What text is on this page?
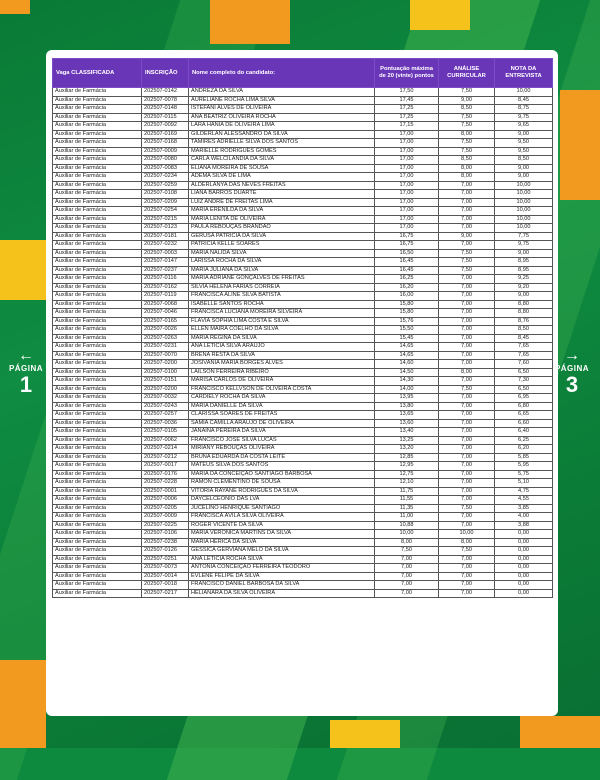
Vaga CLASSIFICADA	INSCRIÇÃO	Nome completo do candidato:	Pontuação máxima de 20 (vinte) pontos	ANÁLISE CURRICULAR	NOTA DA ENTREVISTA
Auxiliar de Farmácia	202507-0142	ANDREZA DA SILVA	17,50	7,50	10,00
Auxiliar de Farmácia	202507-0078	AURELIANE ROCHA LIMA SILVA	17,45	9,00	8,45
Auxiliar de Farmácia	202507-0148	ISTEFANI ALVES DE OLIVEIRA	17,25	8,50	8,75
Auxiliar de Farmácia	202507-0115	ANA BEATRIZ OLIVEIRA ROCHA	17,25	7,50	9,75
Auxiliar de Farmácia	202507-0092	LARA HANIA DE OLIVEIRA LIMA	17,15	7,50	9,65
Auxiliar de Farmácia	202507-0169	GILDERLAN ALESSANDRO DA SILVA	17,00	8,00	9,00
Auxiliar de Farmácia	202507-0168	TAMIRES ADRIELLE SILVA DOS SANTOS	17,00	7,50	9,50
Auxiliar de Farmácia	202507-0009	MARIELLE RODRIGUES GOMES	17,00	7,50	9,50
Auxiliar de Farmácia	202507-0080	CARLA WELCILÂNDIA DA SILVA	17,00	8,50	8,50
Auxiliar de Farmácia	202507-0083	ELIANA MOREIRA DE SOUSA	17,00	8,00	9,00
Auxiliar de Farmácia	202507-0234	ADEMA SILVA DE LIMA	17,00	8,00	9,00
Auxiliar de Farmácia	202507-0259	ALDERLÂNYA DAS NEVES FREITAS	17,00	7,00	10,00
Auxiliar de Farmácia	202507-0108	LIANA BARROS DUARTE	17,00	7,00	10,00
Auxiliar de Farmácia	202507-0209	LUIZ ANDRÉ DE FREITAS LIMA	17,00	7,00	10,00
Auxiliar de Farmácia	202507-0254	MARIA ERENILDA DA SILVA	17,00	7,00	10,00
Auxiliar de Farmácia	202507-0215	MARIA LENITA DE OLIVEIRA	17,00	7,00	10,00
Auxiliar de Farmácia	202507-0123	PAULA REBOUÇAS BRANDÃO	17,00	7,00	10,00
Auxiliar de Farmácia	202507-0181	GERUSA PATRÍCIA DA SILVA	16,75	9,00	7,75
Auxiliar de Farmácia	202507-0232	PATRÍCIA KELLE SOARES	16,75	7,00	9,75
Auxiliar de Farmácia	202507-0003	MARIA NALIDA SILVA	16,50	7,50	9,00
Auxiliar de Farmácia	202507-0147	LARISSA ROCHA DA SILVA	16,45	7,50	8,95
Auxiliar de Farmácia	202507-0237	MARIA JULIANA DA SILVA	16,45	7,50	8,95
Auxiliar de Farmácia	202507-0116	MARIA ADRIANE GONÇALVES DE FREITAS	16,25	7,00	9,25
Auxiliar de Farmácia	202507-0162	SILVIA HELENA FARIAS CORREIA	16,20	7,00	9,20
Auxiliar de Farmácia	202507-0119	FRANCISCA ALINE SILVA BATISTA	16,00	7,00	9,00
Auxiliar de Farmácia	202507-0068	ISABELLE SANTOS ROCHA	15,80	7,00	8,80
Auxiliar de Farmácia	202507-0046	FRANCISCA LUCIANA MOREIRA SILVEIRA	15,80	7,00	8,80
Auxiliar de Farmácia	202507-0165	FLÁVIA SOPHIA LIMA COSTA E SILVA	15,76	7,00	8,76
Auxiliar de Farmácia	202507-0026	ELLEN MAIRA COELHO DA SILVA	15,50	7,00	8,50
Auxiliar de Farmácia	202507-0263	MARIA REGINA DA SILVA	15,45	7,00	8,45
Auxiliar de Farmácia	202507-0231	ANA LETÍCIA SILVA ARAÚJO	14,65	7,00	7,65
Auxiliar de Farmácia	202507-0070	BRENA RESTA DA SILVA	14,65	7,00	7,65
Auxiliar de Farmácia	202507-0200	JOSIVANIA MARIA BORGES ALVES	14,60	7,00	7,60
Auxiliar de Farmácia	202507-0100	LAILSON FERREIRA RIBEIRO	14,50	8,00	6,50
Auxiliar de Farmácia	202507-0151	MARISA CARLOS DE OLIVEIRA	14,30	7,00	7,30
Auxiliar de Farmácia	202507-0200	FRANCISCO KELLVSON DE OLIVEIRA COSTA	14,00	7,50	6,50
Auxiliar de Farmácia	202507-0032	CARDIELY ROCHA DA SILVA	13,95	7,00	6,95
Auxiliar de Farmácia	202507-0243	MARIA DANIELLE DA SILVA	13,80	7,00	6,80
Auxiliar de Farmácia	202507-0257	CLARISSA SOARES DE FREITAS	13,65	7,00	6,65
Auxiliar de Farmácia	202507-0036	SAMIA CAMILLA ARAÚJO DE OLIVEIRA	13,60	7,00	6,60
Auxiliar de Farmácia	202507-0105	JANAINA PEREIRA DA SILVA	13,40	7,00	6,40
Auxiliar de Farmácia	202507-0062	FRANCISCO JOSÉ SILVA LUCAS	13,25	7,00	6,25
Auxiliar de Farmácia	202507-0214	MIRIANY REBOUÇAS OLIVEIRA	13,20	7,00	6,20
Auxiliar de Farmácia	202507-0212	BRUNA EDUARDA DA COSTA LEITE	12,85	7,00	5,85
Auxiliar de Farmácia	202507-0017	MATEUS SILVA DOS SANTOS	12,95	7,00	5,95
Auxiliar de Farmácia	202507-0176	MARIA DA CONCEIÇÃO SANTIAGO BARBOSA	12,75	7,00	5,75
Auxiliar de Farmácia	202507-0228	RAMON CLEMENTINO DE SOUSA	12,10	7,00	5,10
Auxiliar de Farmácia	202507-0001	VITÓRIA RAYANE RODRIGUES DA SILVA	11,75	7,00	4,75
Auxiliar de Farmácia	202507-0006	DAYCELCEONIO DAS LVA	11,55	7,00	4,55
Auxiliar de Farmácia	202507-0205	JUCELINO HENRIQUE SANTIAGO	11,35	7,50	3,85
Auxiliar de Farmácia	202507-0009	FRANCISCA ÁVILA SILVA OLIVEIRA	11,00	7,00	4,00
Auxiliar de Farmácia	202507-0225	ROGER VICENTE DA SILVA	10,88	7,00	3,88
Auxiliar de Farmácia	202507-0106	MARIA VERÔNICA MARTINS DA SILVA	10,00	10,00	0,00
Auxiliar de Farmácia	202507-0238	MARIA HÉRICA DA SILVA	8,00	8,00	0,00
Auxiliar de Farmácia	202507-0126	GESSICA GERVIANA MELO DA SILVA	7,50	7,50	0,00
Auxiliar de Farmácia	202507-0251	ANA LETÍCIA ROCHA SILVA	7,00	7,00	0,00
Auxiliar de Farmácia	202507-0073	ANTÔNIA CONCEIÇÃO FERREIRA TEODORO	7,00	7,00	0,00
Auxiliar de Farmácia	202507-0014	EVLENE FELIPE DA SILVA	7,00	7,00	0,00
Auxiliar de Farmácia	202507-0018	FRANCISCO DANIEL BARBOSA DA SILVA	7,00	7,00	0,00
Auxiliar de Farmácia	202507-0217	HELIANARA DA SILVA OLIVEIRA	7,00	7,00	0,00
←
PÁGINA
1
→
PÁGINA
3
